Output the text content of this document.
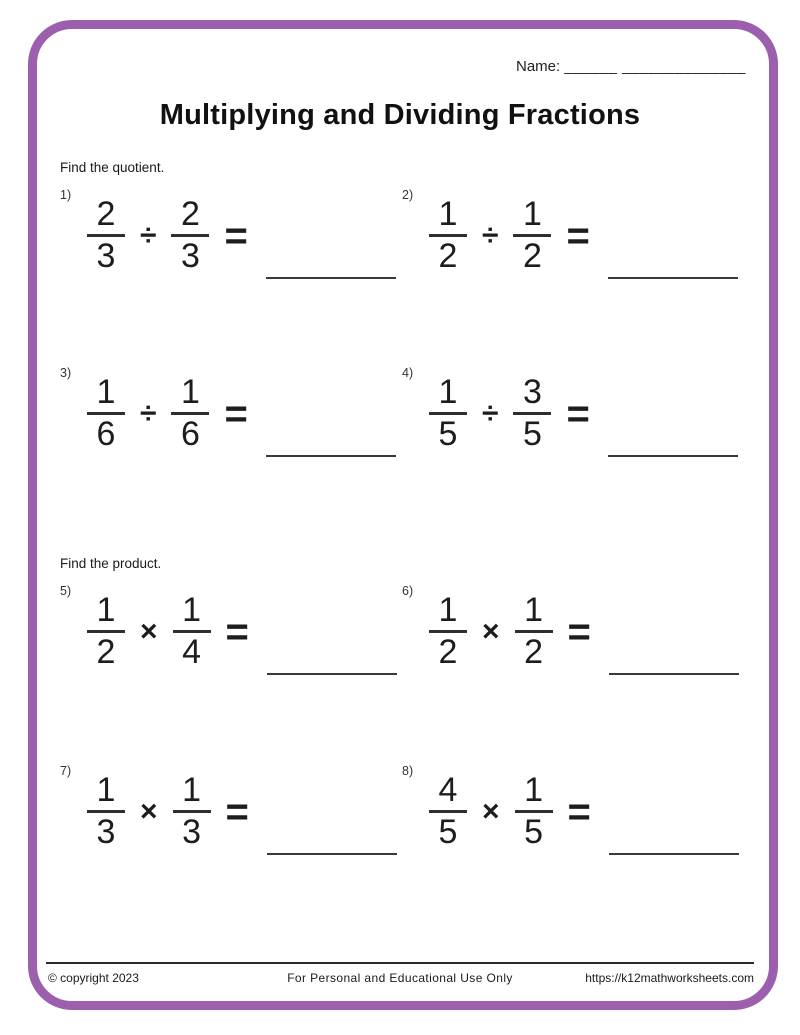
Name: ______ ______________
Multiplying and Dividing Fractions
Find the quotient.
Find the product.
1)
$\frac{2}{3} \div \frac{2}{3}$ =
2)
$\frac{1}{2} \div \frac{1}{2}$ =
3)
$\frac{1}{6} \div \frac{1}{6}$ =
4)
$\frac{1}{5} \div \frac{3}{5}$ =
5)
$\frac{1}{2} \times \frac{1}{4}$ =
6)
$\frac{1}{2} \times \frac{1}{2}$ =
7)
$\frac{1}{3} \times \frac{1}{3}$ =
8)
$\frac{4}{5} \times \frac{1}{5}$ =
© copyright 2023	For Personal and Educational Use Only	https://k12mathworksheets.com
